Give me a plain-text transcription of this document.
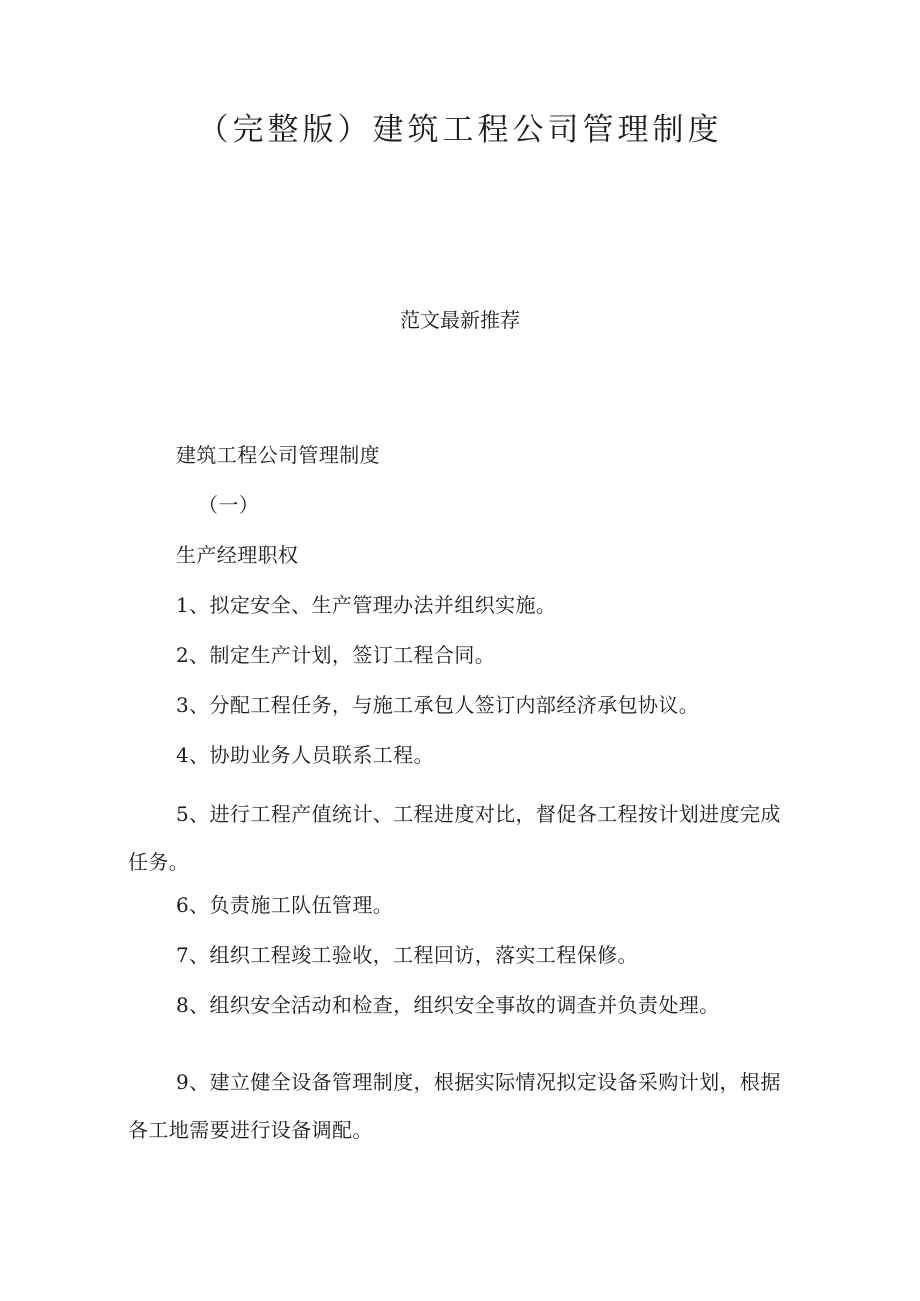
（完整版）建筑工程公司管理制度
范文最新推荐

建筑工程公司管理制度

（一）

生产经理职权

1、拟定安全、生产管理办法并组织实施。

2、制定生产计划，签订工程合同。

3、分配工程任务，与施工承包人签订内部经济承包协议。

4、协助业务人员联系工程。

5、进行工程产值统计、工程进度对比，督促各工程按计划进度完成任务。

6、负责施工队伍管理。

7、组织工程竣工验收，工程回访，落实工程保修。

8、组织安全活动和检查，组织安全事故的调查并负责处理。

9、建立健全设备管理制度，根据实际情况拟定设备采购计划，根据各工地需要进行设备调配。
